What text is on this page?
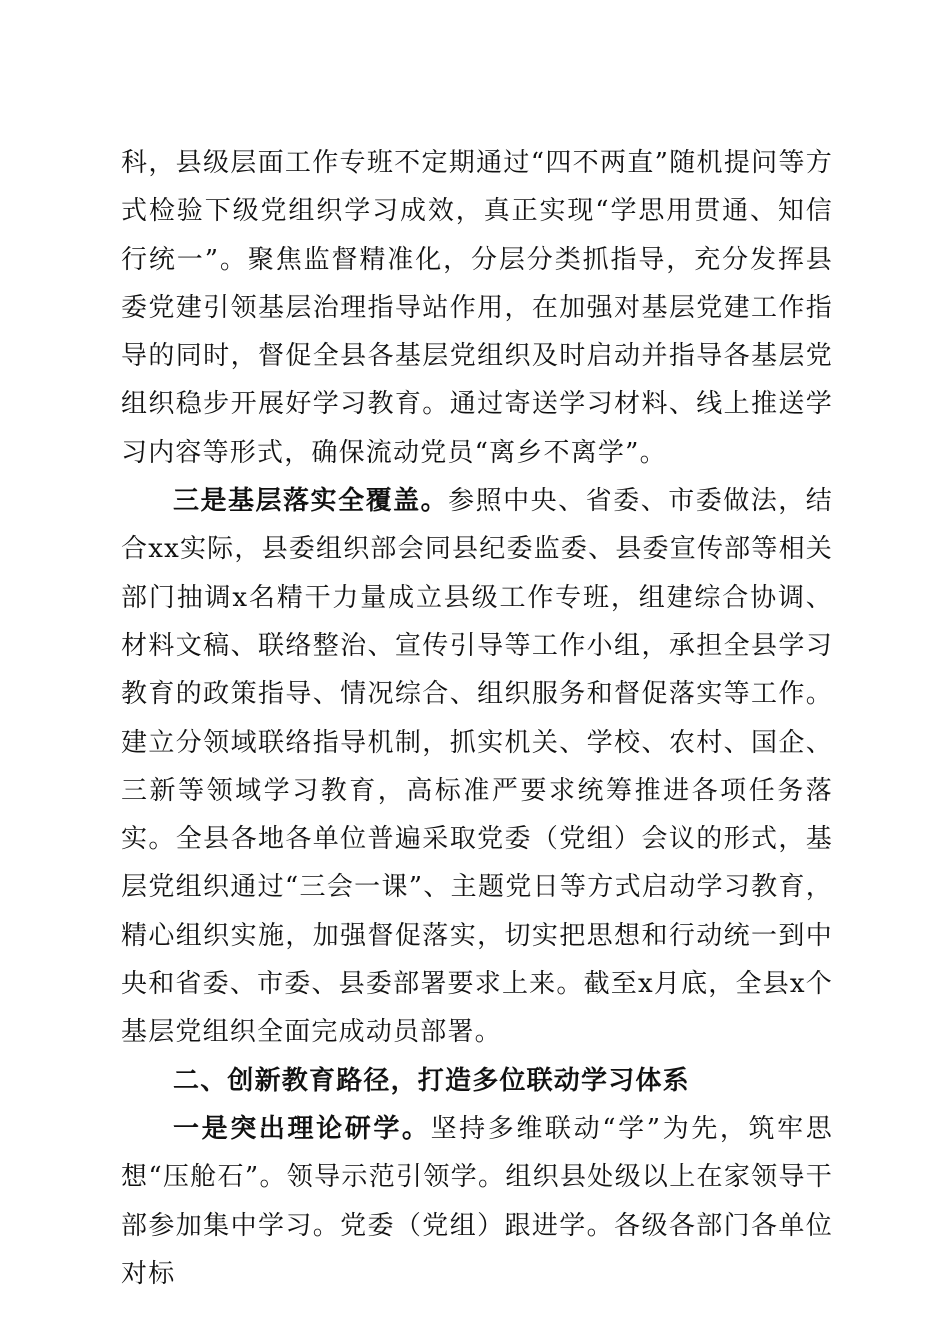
科，县级层面工作专班不定期通过“四不两直”随机提问等方式检验下级党组织学习成效，真正实现“学思用贯通、知信行统一”。聚焦监督精准化，分层分类抓指导，充分发挥县委党建引领基层治理指导站作用，在加强对基层党建工作指导的同时，督促全县各基层党组织及时启动并指导各基层党组织稳步开展好学习教育。通过寄送学习材料、线上推送学习内容等形式，确保流动党员“离乡不离学”。

三是基层落实全覆盖。参照中央、省委、市委做法，结合xx实际，县委组织部会同县纪委监委、县委宣传部等相关部门抽调x名精干力量成立县级工作专班，组建综合协调、材料文稿、联络整治、宣传引导等工作小组，承担全县学习教育的政策指导、情况综合、组织服务和督促落实等工作。建立分领域联络指导机制，抓实机关、学校、农村、国企、三新等领域学习教育，高标准严要求统筹推进各项任务落实。全县各地各单位普遍采取党委（党组）会议的形式，基层党组织通过“三会一课”、主题党日等方式启动学习教育，精心组织实施，加强督促落实，切实把思想和行动统一到中央和省委、市委、县委部署要求上来。截至x月底，全县x个基层党组织全面完成动员部署。

二、创新教育路径，打造多位联动学习体系

一是突出理论研学。坚持多维联动“学”为先，筑牢思想“压舱石”。领导示范引领学。组织县处级以上在家领导干部参加集中学习。党委（党组）跟进学。各级各部门各单位对标
